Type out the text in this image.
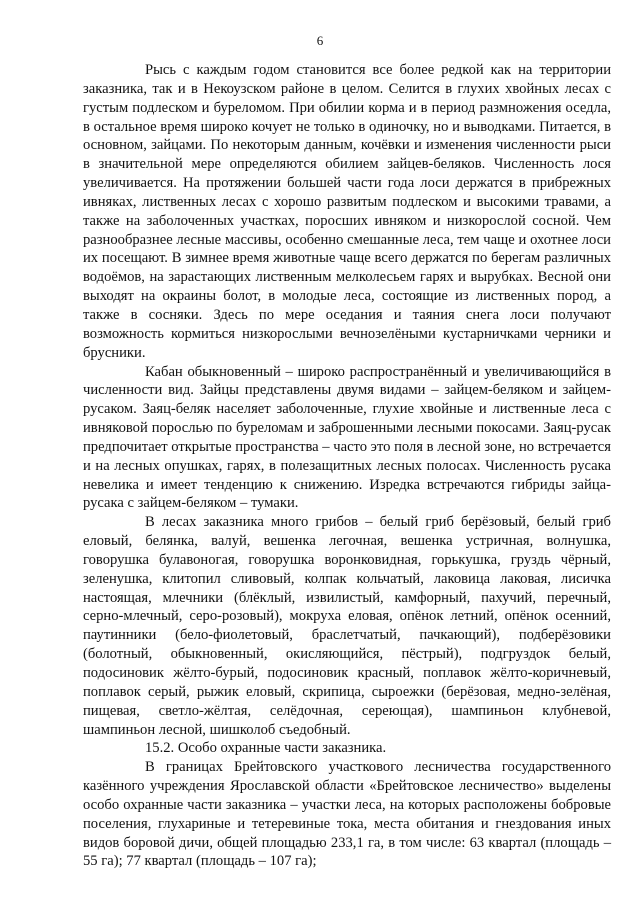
6

Рысь с каждым годом становится все более редкой как на территории заказника, так и в Некоузском районе в целом. Селится в глухих хвойных лесах с густым подлеском и буреломом. При обилии корма и в период размножения оседла, в остальное время широко кочует не только в одиночку, но и выводками. Питается, в основном, зайцами. По некоторым данным, кочёвки и изменения численности рыси в значительной мере определяются обилием зайцев-беляков. Численность лося увеличивается. На протяжении большей части года лоси держатся в прибрежных ивняках, лиственных лесах с хорошо развитым подлеском и высокими травами, а также на заболоченных участках, поросших ивняком и низкорослой сосной. Чем разнообразнее лесные массивы, особенно смешанные леса, тем чаще и охотнее лоси их посещают. В зимнее время животные чаще всего держатся по берегам различных водоёмов, на зарастающих лиственным мелколесьем гарях и вырубках. Весной они выходят на окраины болот, в молодые леса, состоящие из лиственных пород, а также в сосняки. Здесь по мере оседания и таяния снега лоси получают возможность кормиться низкорослыми вечнозелёными кустарничками черники и брусники.

Кабан обыкновенный – широко распространённый и увеличивающийся в численности вид. Зайцы представлены двумя видами – зайцем-беляком и зайцем-русаком. Заяц-беляк населяет заболоченные, глухие хвойные и лиственные леса с ивняковой порослью по буреломам и заброшенными лесными покосами. Заяц-русак предпочитает открытые пространства – часто это поля в лесной зоне, но встречается и на лесных опушках, гарях, в полезащитных лесных полосах. Численность русака невелика и имеет тенденцию к снижению. Изредка встречаются гибриды зайца-русака с зайцем-беляком – тумаки.

В лесах заказника много грибов – белый гриб берёзовый, белый гриб еловый, белянка, валуй, вешенка легочная, вешенка устричная, волнушка, говорушка булавоногая, говорушка воронковидная, горькушка, груздь чёрный, зеленушка, клитопил сливовый, колпак кольчатый, лаковица лаковая, лисичка настоящая, млечники (блёклый, извилистый, камфорный, пахучий, перечный, серно-млечный, серо-розовый), мокруха еловая, опёнок летний, опёнок осенний, паутинники (бело-фиолетовый, браслетчатый, пачкающий), подберёзовики (болотный, обыкновенный, окисляющийся, пёстрый), подгруздок белый, подосиновик жёлто-бурый, подосиновик красный, поплавок жёлто-коричневый, поплавок серый, рыжик еловый, скрипица, сыроежки (берёзовая, медно-зелёная, пищевая, светло-жёлтая, селёдочная, сереющая), шампиньон клубневой, шампиньон лесной, шишколоб съедобный.

15.2. Особо охранные части заказника.

В границах Брейтовского участкового лесничества государственного казённого учреждения Ярославской области «Брейтовское лесничество» выделены особо охранные части заказника – участки леса, на которых расположены бобровые поселения, глухариные и тетеревиные тока, места обитания и гнездования иных видов боровой дичи, общей площадью 233,1 га, в том числе: 63 квартал (площадь – 55 га); 77 квартал (площадь – 107 га);
